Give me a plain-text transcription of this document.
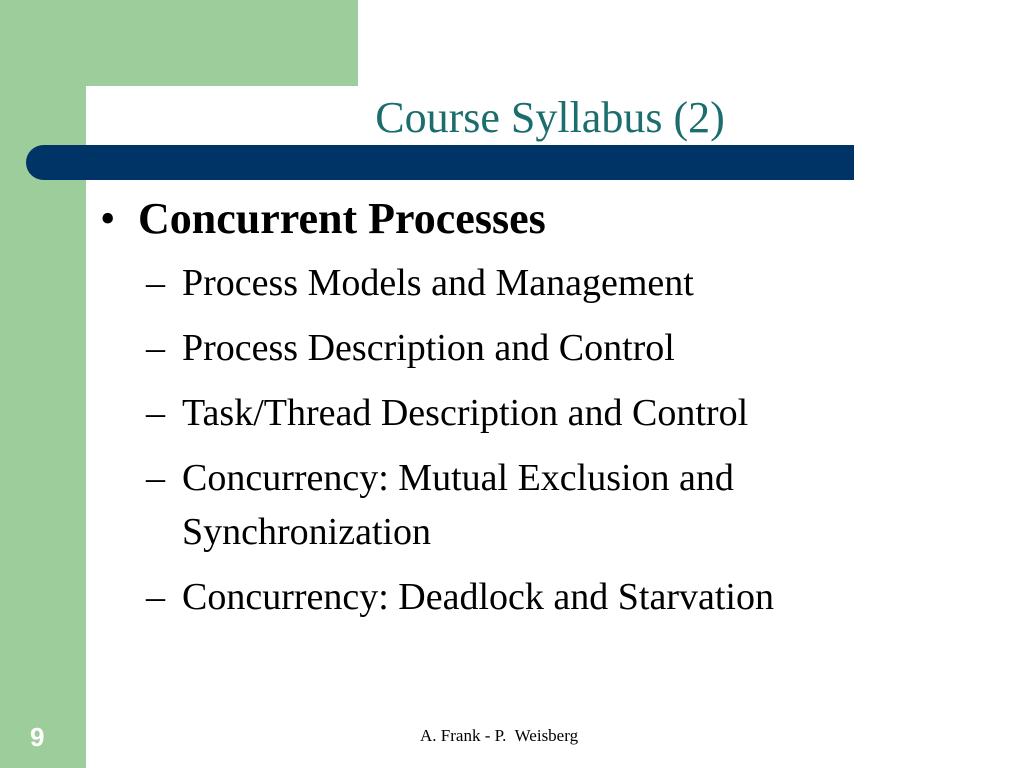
Course Syllabus (2)
• Concurrent Processes
– Process Models and Management
– Process Description and Control
– Task/Thread Description and Control
– Concurrency: Mutual Exclusion and Synchronization
– Concurrency: Deadlock and Starvation
9	A. Frank - P.  Weisberg
